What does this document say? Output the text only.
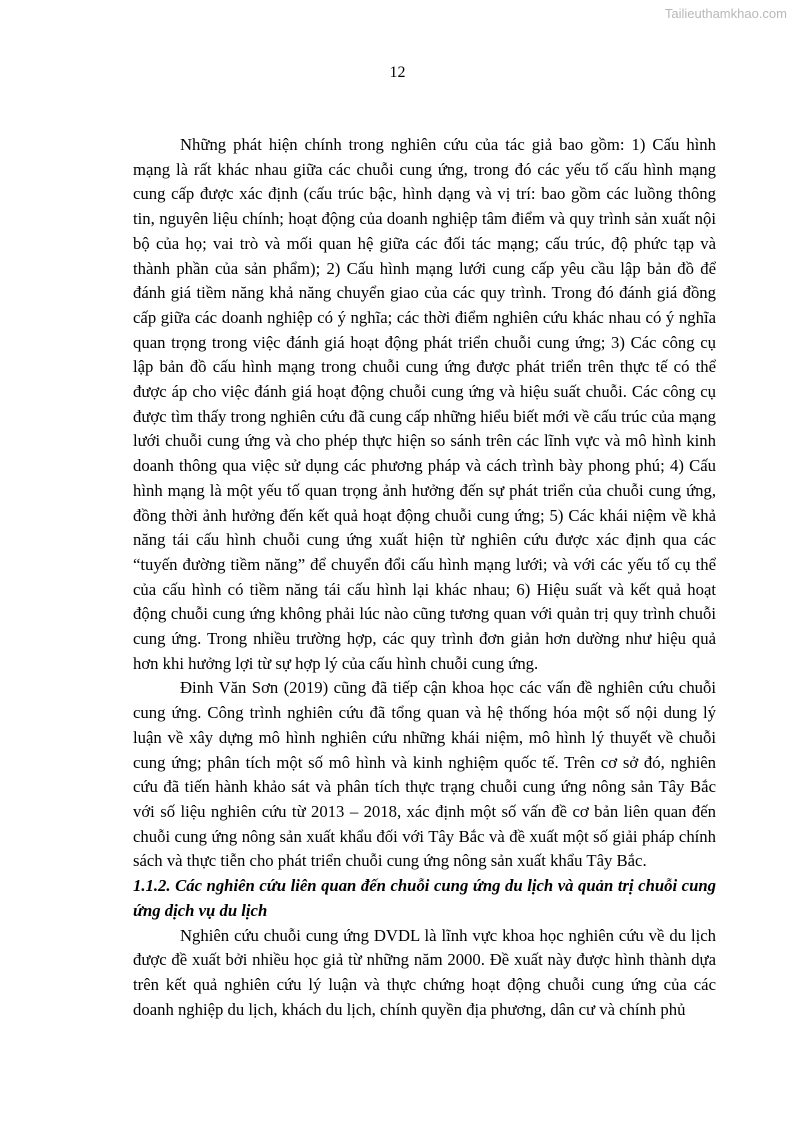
Tailieuthamkhao.com
12

Những phát hiện chính trong nghiên cứu của tác giả bao gồm: 1) Cấu hình mạng là rất khác nhau giữa các chuỗi cung ứng, trong đó các yếu tố cấu hình mạng cung cấp được xác định (cấu trúc bậc, hình dạng và vị trí: bao gồm các luồng thông tin, nguyên liệu chính; hoạt động của doanh nghiệp tâm điểm và quy trình sản xuất nội bộ của họ; vai trò và mối quan hệ giữa các đối tác mạng; cấu trúc, độ phức tạp và thành phần của sản phẩm); 2) Cấu hình mạng lưới cung cấp yêu cầu lập bản đồ để đánh giá tiềm năng khả năng chuyển giao của các quy trình. Trong đó đánh giá đồng cấp giữa các doanh nghiệp có ý nghĩa; các thời điểm nghiên cứu khác nhau có ý nghĩa quan trọng trong việc đánh giá hoạt động phát triển chuỗi cung ứng; 3) Các công cụ lập bản đồ cấu hình mạng trong chuỗi cung ứng được phát triển trên thực tế có thể được áp cho việc đánh giá hoạt động chuỗi cung ứng và hiệu suất chuỗi. Các công cụ được tìm thấy trong nghiên cứu đã cung cấp những hiểu biết mới về cấu trúc của mạng lưới chuỗi cung ứng và cho phép thực hiện so sánh trên các lĩnh vực và mô hình kinh doanh thông qua việc sử dụng các phương pháp và cách trình bày phong phú; 4) Cấu hình mạng là một yếu tố quan trọng ảnh hưởng đến sự phát triển của chuỗi cung ứng, đồng thời ảnh hưởng đến kết quả hoạt động chuỗi cung ứng; 5) Các khái niệm về khả năng tái cấu hình chuỗi cung ứng xuất hiện từ nghiên cứu được xác định qua các “tuyến đường tiềm năng” để chuyển đổi cấu hình mạng lưới; và với các yếu tố cụ thể của cấu hình có tiềm năng tái cấu hình lại khác nhau; 6) Hiệu suất và kết quả hoạt động chuỗi cung ứng không phải lúc nào cũng tương quan với quản trị quy trình chuỗi cung ứng. Trong nhiều trường hợp, các quy trình đơn giản hơn dường như hiệu quả hơn khi hưởng lợi từ sự hợp lý của cấu hình chuỗi cung ứng.

Đinh Văn Sơn (2019) cũng đã tiếp cận khoa học các vấn đề nghiên cứu chuỗi cung ứng. Công trình nghiên cứu đã tổng quan và hệ thống hóa một số nội dung lý luận về xây dựng mô hình nghiên cứu những khái niệm, mô hình lý thuyết về chuỗi cung ứng; phân tích một số mô hình và kinh nghiệm quốc tế. Trên cơ sở đó, nghiên cứu đã tiến hành khảo sát và phân tích thực trạng chuỗi cung ứng nông sản Tây Bắc với số liệu nghiên cứu từ 2013 – 2018, xác định một số vấn đề cơ bản liên quan đến chuỗi cung ứng nông sản xuất khẩu đối với Tây Bắc và đề xuất một số giải pháp chính sách và thực tiễn cho phát triển chuỗi cung ứng nông sản xuất khẩu Tây Bắc.

1.1.2. Các nghiên cứu liên quan đến chuỗi cung ứng du lịch và quản trị chuỗi cung ứng dịch vụ du lịch

Nghiên cứu chuỗi cung ứng DVDL là lĩnh vực khoa học nghiên cứu về du lịch được đề xuất bởi nhiều học giả từ những năm 2000. Đề xuất này được hình thành dựa trên kết quả nghiên cứu lý luận và thực chứng hoạt động chuỗi cung ứng của các doanh nghiệp du lịch, khách du lịch, chính quyền địa phương, dân cư và chính phủ
